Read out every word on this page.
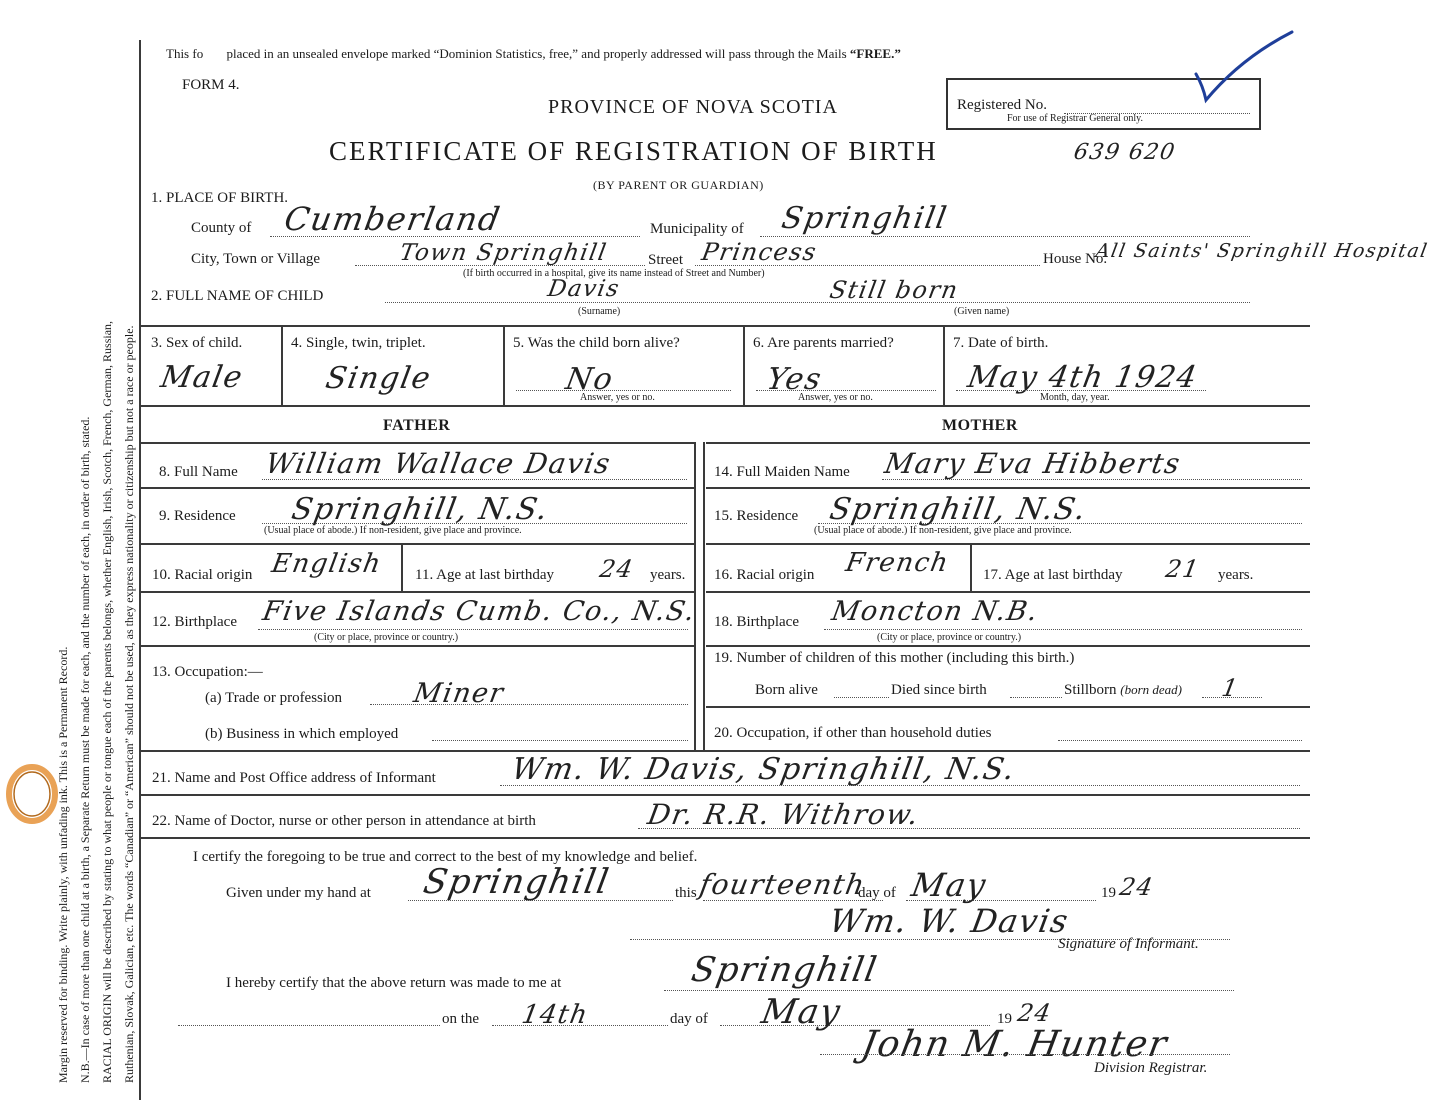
Margin reserved for binding. Write plainly, with unfading ink. This is a Permanent Record. N.B.—In case of more than one child at a birth, a Separate Return must be made for each, and the number of each, in order of birth, stated. RACIAL ORIGIN will be described by stating to what people or tongue each of the parents belongs, whether English, Irish, Scotch, French, German, Russian, Ruthenian, Slovak, Galician, etc. The words “Canadian” or “American” should not be used, as they express nationality or citizenship but not a race or people.
This fo placed in an unsealed envelope marked “Dominion Statistics, free,” and properly addressed will pass through the Mails “FREE.”
FORM 4.
PROVINCE OF NOVA SCOTIA	Registered No.
For use of Registrar General only.
CERTIFICATE OF REGISTRATION OF BIRTH	639 620
(BY PARENT OR GUARDIAN)
1. PLACE OF BIRTH.
County of Cumberland	Municipality of Springhill
City, Town or Village	Town Springhill	Street Princess	House No.
All Saints' Springhill Hospital
(If birth occurred in a hospital, give its name instead of Street and Number)
2. FULL NAME OF CHILD	Davis	Still born
(Surname)	(Given name)
3. Sex of child.
Male
4. Single, twin, triplet.
Single
5. Was the child born alive?
No
Answer, yes or no.
6. Are parents married?
Yes
Answer, yes or no.
7. Date of birth.
May 4th 1924
Month, day, year.
FATHER	MOTHER
8. Full Name William Wallace Davis
9. Residence Springhill, N.S.
(Usual place of abode.) If non-resident, give place and province.
10. Racial origin English 11. Age at last birthday 24 years.
12. Birthplace Five Islands Cumb. Co., N.S.
(City or place, province or country.)
13. Occupation:—
(a) Trade or profession	Miner
(b) Business in which employed
14. Full Maiden Name Mary Eva Hibberts
15. Residence Springhill, N.S.
(Usual place of abode.) If non-resident, give place and province.
16. Racial origin French 17. Age at last birthday 21 years.
18. Birthplace Moncton N.B.
(City or place, province or country.)
19. Number of children of this mother (including this birth.)
Born alive	Died since birth	Stillborn (born dead) 1
20. Occupation, if other than household duties
21. Name and Post Office address of Informant Wm. W. Davis, Springhill, N.S.
22. Name of Doctor, nurse or other person in attendance at birth	Dr. R.R. Withrow.
I certify the foregoing to be true and correct to the best of my knowledge and belief.
Given under my hand at Springhill	this fourteenth
day of May	19 24
Wm. W. Davis
Signature of Informant.
I hereby certify that the above return was made to me at	Springhill
on the 14th	day of May	19 24
John M. Hunter
Division Registrar.
